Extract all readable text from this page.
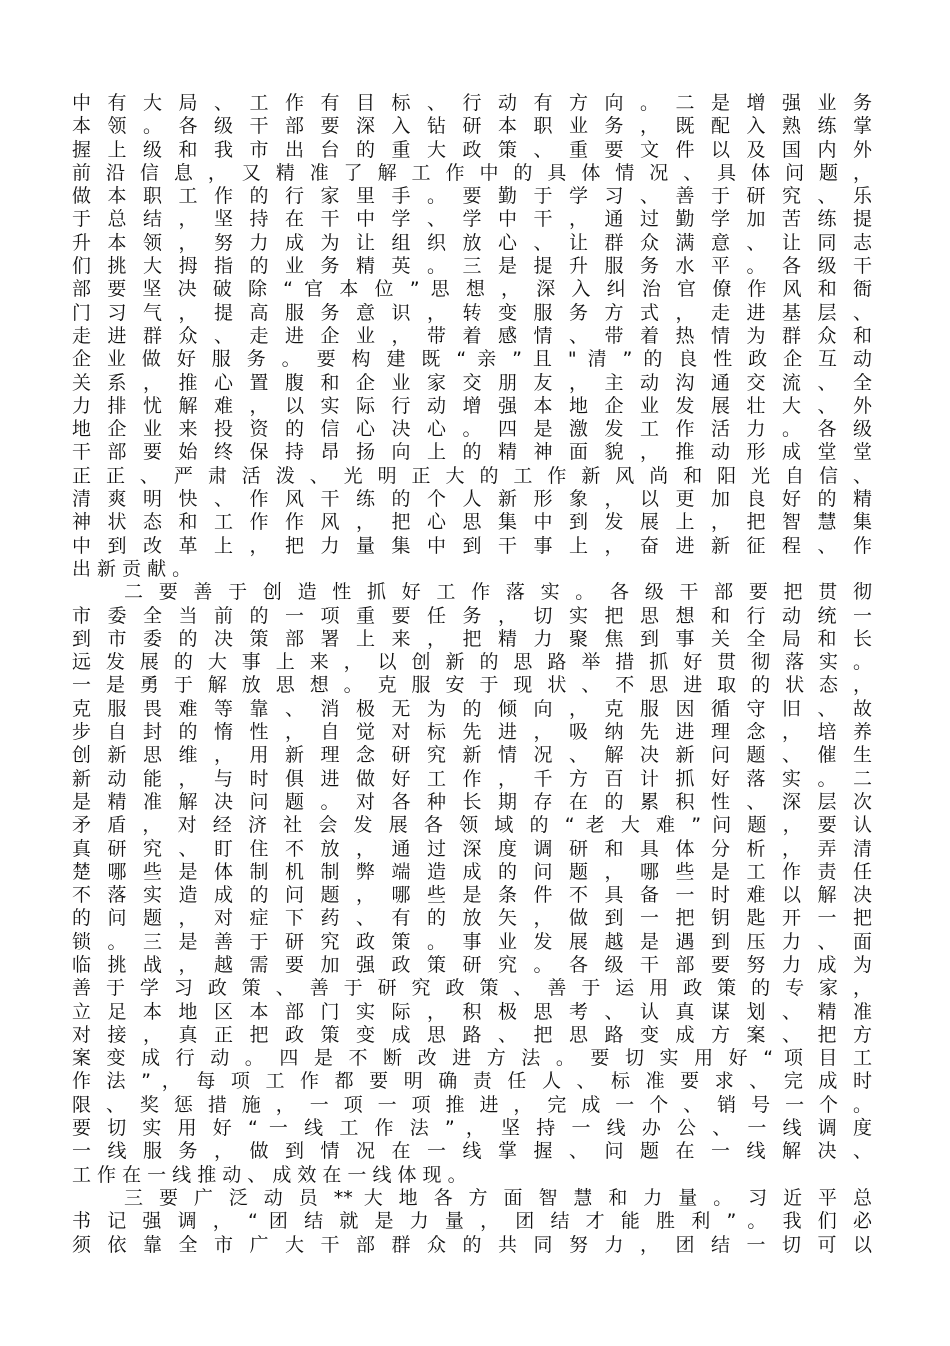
中 有 大 局 、 工 作 有 目 标 、 行 动 有 方 向 。 二 是 增 强 业 务
本 领 。 各 级 干 部 要 深 入 钻 研 本 职 业 务 ， 既 配 入 熟 练 掌
握 上 级 和 我 市 出 台 的 重 大 政 策 、 重 要 文 件 以 及 国 内 外
前 沿 信 息 ， 又 精 准 了 解 工 作 中 的 具 体 情 况 、 具 体 问 题 ，
做 本 职 工 作 的 行 家 里 手 。 要 勤 于 学 习 、 善 于 研 究 、 乐
于 总 结 ， 坚 持 在 干 中 学 、 学 中 干 ， 通 过 勤 学 加 苦 练 提
升 本 领 ， 努 力 成 为 让 组 织 放 心 、 让 群 众 满 意 、 让 同 志
们 挑 大 拇 指 的 业 务 精 英 。 三 是 提 升 服 务 水 平 。 各 级 干
部 要 坚 决 破 除 “ 官 本 位 ” 思 想 ， 深 入 纠 治 官 僚 作 风 和 衙
门 习 气 ， 提 高 服 务 意 识 ， 转 变 服 务 方 式 ， 走 进 基 层 、
走 进 群 众 、 走 进 企 业 ， 带 着 感 情 、 带 着 热 情 为 群 众 和
企 业 做 好 服 务 。 要 构 建 既 “ 亲 ” 且 " 清 ” 的 良 性 政 企 互 动
关 系 ， 推 心 置 腹 和 企 业 家 交 朋 友 ， 主 动 沟 通 交 流 、 全
力 排 忧 解 难 ， 以 实 际 行 动 增 强 本 地 企 业 发 展 壮 大 、 外
地 企 业 来 投 资 的 信 心 决 心 。 四 是 激 发 工 作 活 力 。 各 级
干 部 要 始 终 保 持 昂 扬 向 上 的 精 神 面 貌 ， 推 动 形 成 堂 堂
正 正 、 严 肃 活 泼 、 光 明 正 大 的 工 作 新 风 尚 和 阳 光 自 信 、
清 爽 明 快 、 作 风 干 练 的 个 人 新 形 象 ， 以 更 加 良 好 的 精
神 状 态 和 工 作 作 风 ， 把 心 思 集 中 到 发 展 上 ， 把 智 慧 集
中 到 改 革 上 ， 把 力 量 集 中 到 干 事 上 ， 奋 进 新 征 程 、 作
出 新 贡 献 。
二 要 善 于 创 造 性 抓 好 工 作 落 实 。 各 级 干 部 要 把 贯 彻
市 委 全 当 前 的 一 项 重 要 任 务 ， 切 实 把 思 想 和 行 动 统 一
到 市 委 的 决 策 部 署 上 来 ， 把 精 力 聚 焦 到 事 关 全 局 和 长
远 发 展 的 大 事 上 来 ， 以 创 新 的 思 路 举 措 抓 好 贯 彻 落 实 。
一 是 勇 于 解 放 思 想 。 克 服 安 于 现 状 、 不 思 进 取 的 状 态 ，
克 服 畏 难 等 靠 、 消 极 无 为 的 倾 向 ， 克 服 因 循 守 旧 、 故
步 自 封 的 惰 性 ， 自 觉 对 标 先 进 ， 吸 纳 先 进 理 念 ， 培 养
创 新 思 维 ， 用 新 理 念 研 究 新 情 况 、 解 决 新 问 题 、 催 生
新 动 能 ， 与 时 俱 进 做 好 工 作 ， 千 方 百 计 抓 好 落 实 。 二
是 精 准 解 决 问 题 。 对 各 种 长 期 存 在 的 累 积 性 、 深 层 次
矛 盾 ， 对 经 济 社 会 发 展 各 领 域 的 “ 老 大 难 ” 问 题 ， 要 认
真 研 究 、 盯 住 不 放 ， 通 过 深 度 调 研 和 具 体 分 析 ， 弄 清
楚 哪 些 是 体 制 机 制 弊 端 造 成 的 问 题 ， 哪 些 是 工 作 责 任
不 落 实 造 成 的 问 题 ， 哪 些 是 条 件 不 具 备 一 时 难 以 解 决
的 问 题 ， 对 症 下 药 、 有 的 放 矢 ， 做 到 一 把 钥 匙 开 一 把
锁 。 三 是 善 于 研 究 政 策 。 事 业 发 展 越 是 遇 到 压 力 、 面
临 挑 战 ， 越 需 要 加 强 政 策 研 究 。 各 级 干 部 要 努 力 成 为
善 于 学 习 政 策 、 善 于 研 究 政 策 、 善 于 运 用 政 策 的 专 家 ，
立 足 本 地 区 本 部 门 实 际 ， 积 极 思 考 、 认 真 谋 划 、 精 准
对 接 ， 真 正 把 政 策 变 成 思 路 、 把 思 路 变 成 方 案 、 把 方
案 变 成 行 动 。 四 是 不 断 改 进 方 法 。 要 切 实 用 好 “ 项 目 工
作 法 ” ， 每 项 工 作 都 要 明 确 责 任 人 、 标 准 要 求 、 完 成 时
限 、 奖 惩 措 施 ， 一 项 一 项 推 进 ， 完 成 一 个 、 销 号 一 个 。
要 切 实 用 好 “ 一 线 工 作 法 ” ， 坚 持 一 线 办 公 、 一 线 调 度
一 线 服 务 ， 做 到 情 况 在 一 线 掌 握 、 问 题 在 一 线 解 决 、
工 作 在 一 线 推 动 、 成 效 在 一 线 体 现 。
三 要 广 泛 动 员 ** 大 地 各 方 面 智 慧 和 力 量 。 习 近 平 总
书 记 强 调 ， “ 团 结 就 是 力 量 ， 团 结 才 能 胜 利 ” 。 我 们 必
须 依 靠 全 市 广 大 干 部 群 众 的 共 同 努 力 ， 团 结 一 切 可 以
